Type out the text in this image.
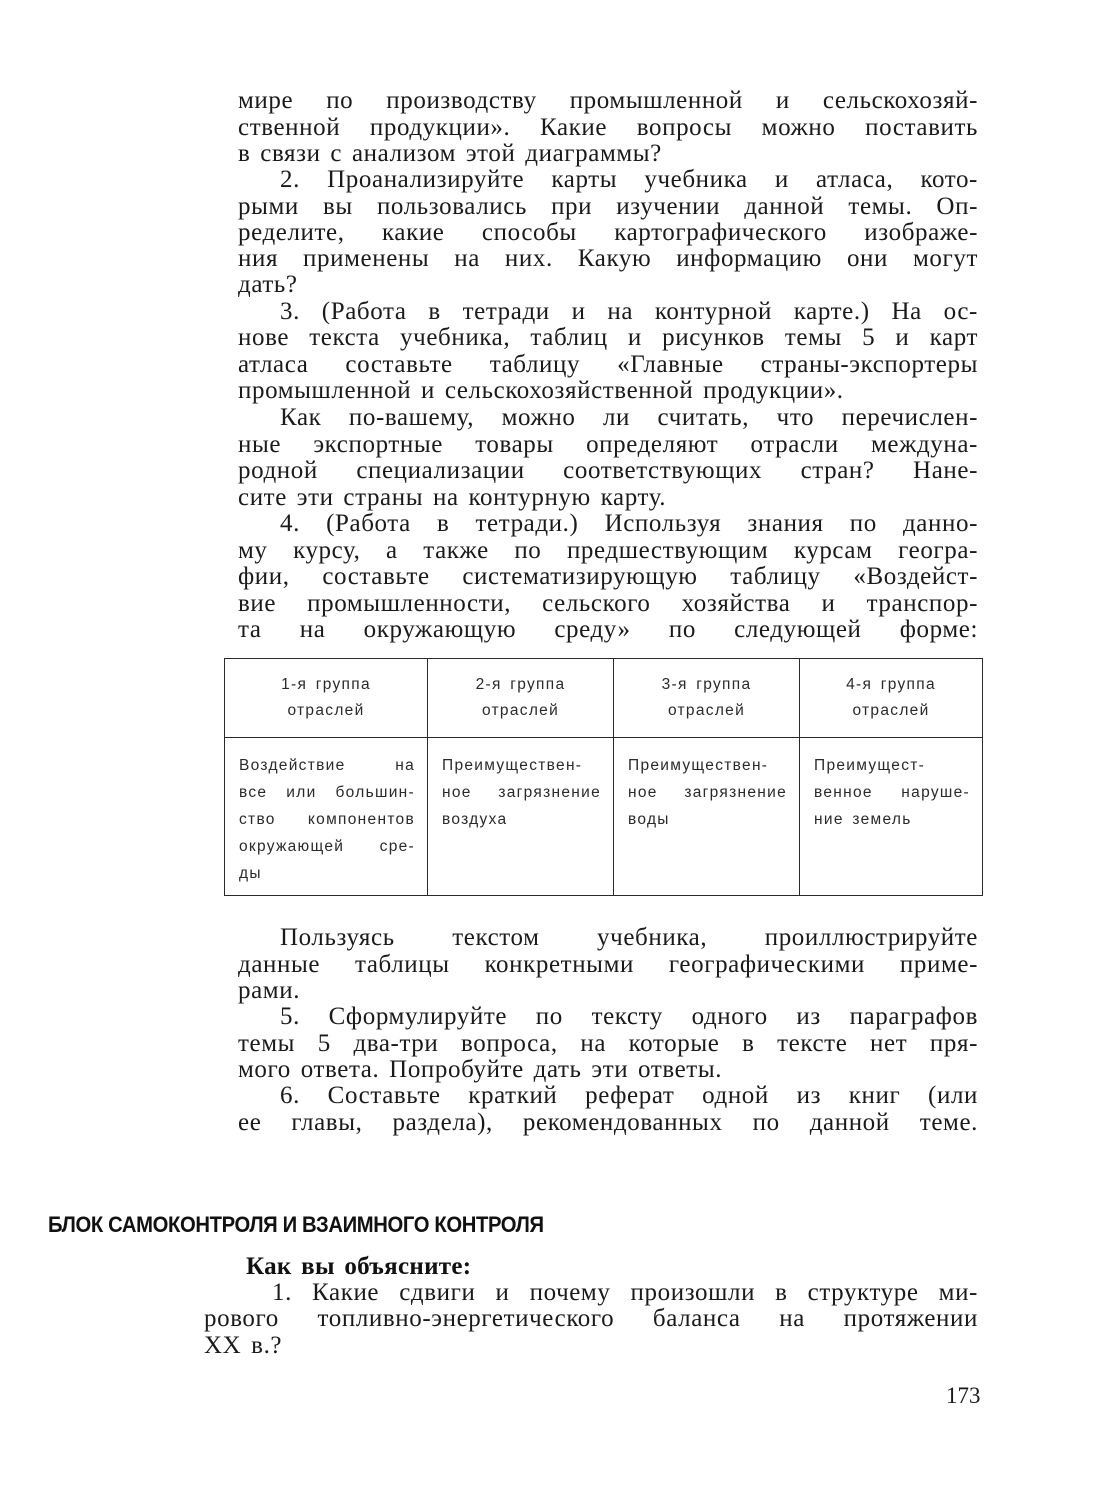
мире по производству промышленной и сельскохозяй-
ственной продукции». Какие вопросы можно поставить
в связи с анализом этой диаграммы?
2. Проанализируйте карты учебника и атласа, кото-
рыми вы пользовались при изучении данной темы. Оп-
ределите, какие способы картографического изображе-
ния применены на них. Какую информацию они могут
дать?
3. (Работа в тетради и на контурной карте.) На ос-
нове текста учебника, таблиц и рисунков темы 5 и карт
атласа составьте таблицу «Главные страны-экспортеры
промышленной и сельскохозяйственной продукции».
Как по-вашему, можно ли считать, что перечислен-
ные экспортные товары определяют отрасли междуна-
родной специализации соответствующих стран? Нане-
сите эти страны на контурную карту.
4. (Работа в тетради.) Используя знания по данно-
му курсу, а также по предшествующим курсам геогра-
фии, составьте систематизирующую таблицу «Воздейст-
вие промышленности, сельского хозяйства и транспор-
та на окружающую среду» по следующей форме:
1-я группа
отраслей	2-я группа
отраслей	3-я группа
отраслей	4-я группа
отраслей

Воздействие на
все или большин-
ство компонентов
окружающей сре-
ды	Преимуществен-
ное загрязнение
воздуха	Преимуществен-
ное загрязнение
воды	Преимущест-
венное наруше-
ние земель
Пользуясь текстом учебника, проиллюстрируйте
данные таблицы конкретными географическими приме-
рами.
5. Сформулируйте по тексту одного из параграфов
темы 5 два-три вопроса, на которые в тексте нет пря-
мого ответа. Попробуйте дать эти ответы.
6. Составьте краткий реферат одной из книг (или
ее главы, раздела), рекомендованных по данной теме.
БЛОК САМОКОНТРОЛЯ И ВЗАИМНОГО КОНТРОЛЯ
Как вы объясните:
1. Какие сдвиги и почему произошли в структуре ми-
рового топливно-энергетического баланса на протяжении
XX в.?
173
